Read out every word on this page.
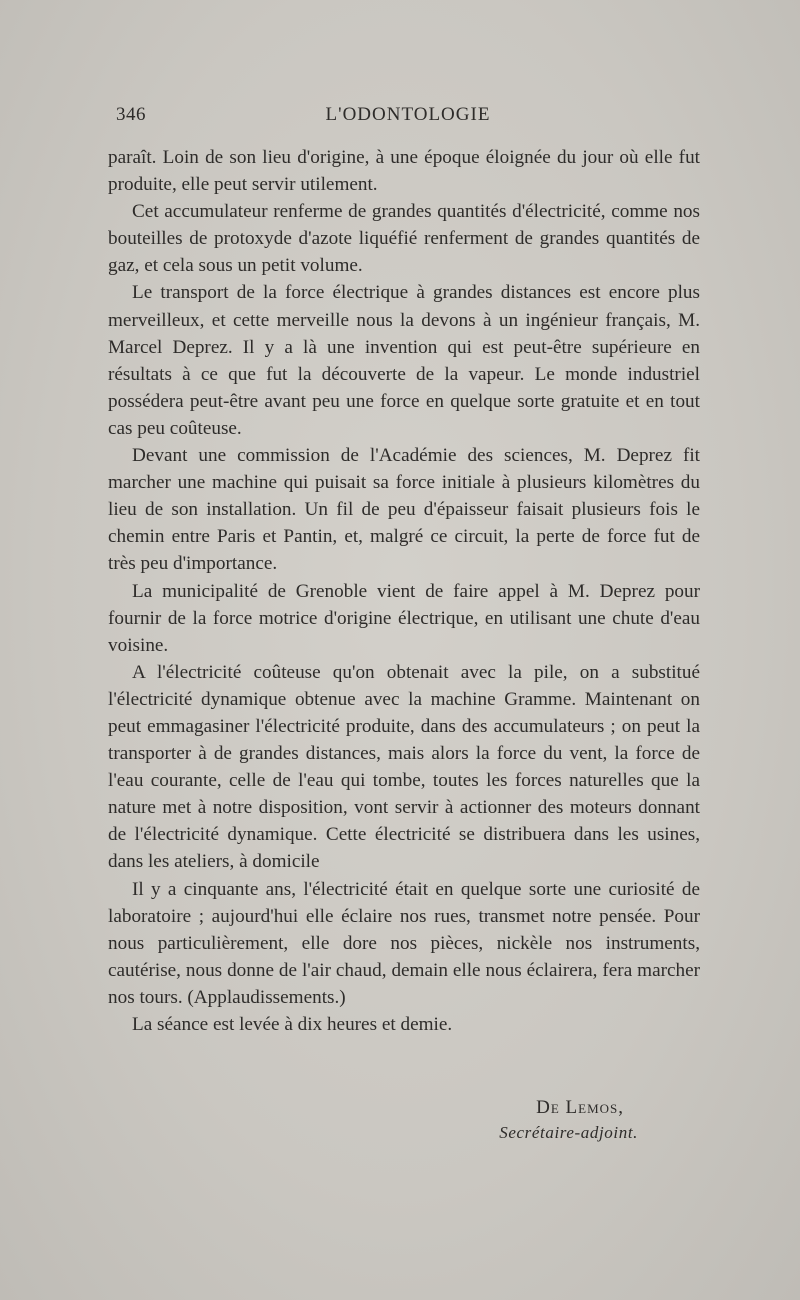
346	L'ODONTOLOGIE

paraît. Loin de son lieu d'origine, à une époque éloignée du jour où elle fut produite, elle peut servir utilement.

Cet accumulateur renferme de grandes quantités d'électricité, comme nos bouteilles de protoxyde d'azote liquéfié renferment de grandes quantités de gaz, et cela sous un petit volume.

Le transport de la force électrique à grandes distances est encore plus merveilleux, et cette merveille nous la devons à un ingénieur français, M. Marcel Deprez. Il y a là une invention qui est peut-être supérieure en résultats à ce que fut la découverte de la vapeur. Le monde industriel possédera peut-être avant peu une force en quelque sorte gratuite et en tout cas peu coûteuse.

Devant une commission de l'Académie des sciences, M. Deprez fit marcher une machine qui puisait sa force initiale à plusieurs kilomètres du lieu de son installation. Un fil de peu d'épaisseur faisait plusieurs fois le chemin entre Paris et Pantin, et, malgré ce circuit, la perte de force fut de très peu d'importance.

La municipalité de Grenoble vient de faire appel à M. Deprez pour fournir de la force motrice d'origine électrique, en utilisant une chute d'eau voisine.

A l'électricité coûteuse qu'on obtenait avec la pile, on a substitué l'électricité dynamique obtenue avec la machine Gramme. Maintenant on peut emmagasiner l'électricité produite, dans des accumulateurs ; on peut la transporter à de grandes distances, mais alors la force du vent, la force de l'eau courante, celle de l'eau qui tombe, toutes les forces naturelles que la nature met à notre disposition, vont servir à actionner des moteurs donnant de l'électricité dynamique. Cette électricité se distribuera dans les usines, dans les ateliers, à domicile

Il y a cinquante ans, l'électricité était en quelque sorte une curiosité de laboratoire ; aujourd'hui elle éclaire nos rues, transmet notre pensée. Pour nous particulièrement, elle dore nos pièces, nickèle nos instruments, cautérise, nous donne de l'air chaud, demain elle nous éclairera, fera marcher nos tours. (Applaudissements.)

La séance est levée à dix heures et demie.

De Lemos,
Secrétaire-adjoint.
